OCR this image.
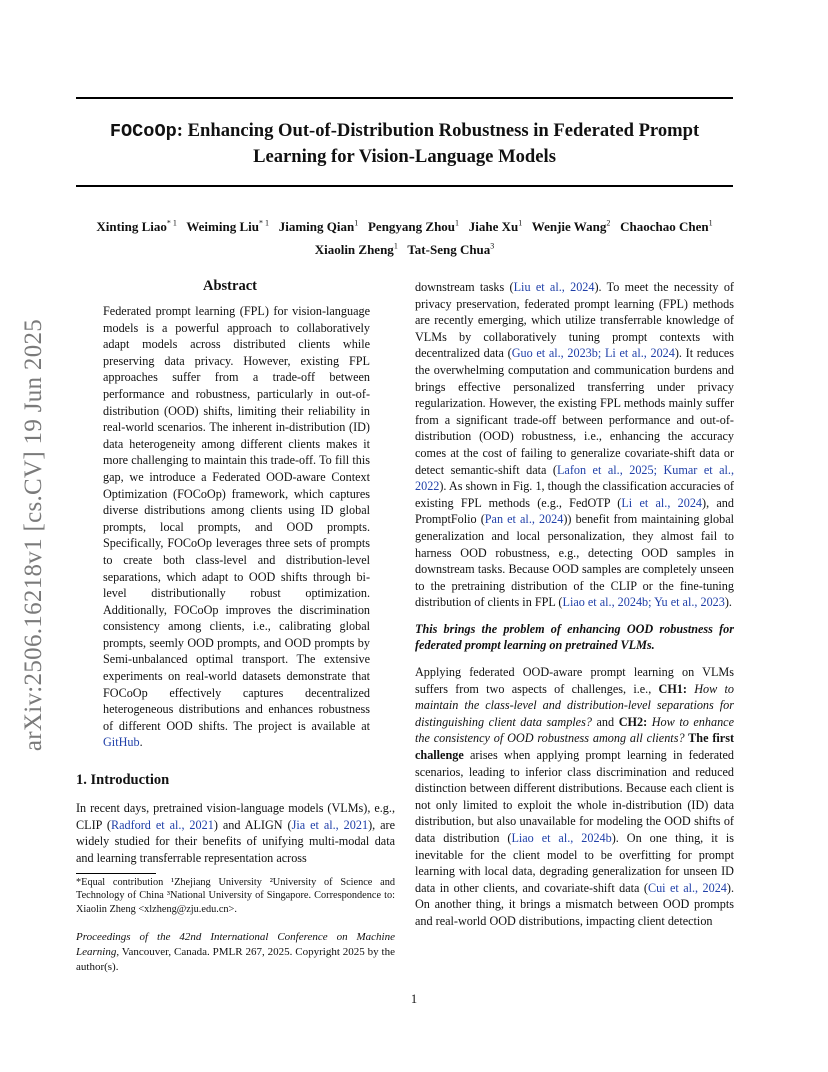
FOCoOp: Enhancing Out-of-Distribution Robustness in Federated Prompt Learning for Vision-Language Models
Xinting Liao$^{* 1}$ Weiming Liu$^{* 1}$ Jiaming Qian$^1$ Pengyang Zhou$^1$ Jiahe Xu$^1$ Wenjie Wang$^2$ Chaochao Chen$^1$
Xiaolin Zheng$^1$ Tat-Seng Chua$^3$
arXiv:2506.16218v1 [cs.CV] 19 Jun 2025
Abstract

Federated prompt learning (FPL) for vision-language models is a powerful approach to collaboratively adapt models across distributed clients while preserving data privacy. However, existing FPL approaches suffer from a trade-off between performance and robustness, particularly in out-of-distribution (OOD) shifts, limiting their reliability in real-world scenarios. The inherent in-distribution (ID) data heterogeneity among different clients makes it more challenging to maintain this trade-off. To fill this gap, we introduce a Federated OOD-aware Context Optimization (FOCoOp) framework, which captures diverse distributions among clients using ID global prompts, local prompts, and OOD prompts. Specifically, FOCoOp leverages three sets of prompts to create both class-level and distribution-level separations, which adapt to OOD shifts through bi-level distributionally robust optimization. Additionally, FOCoOp improves the discrimination consistency among clients, i.e., calibrating global prompts, seemly OOD prompts, and OOD prompts by Semi-unbalanced optimal transport. The extensive experiments on real-world datasets demonstrate that FOCoOp effectively captures decentralized heterogeneous distributions and enhances robustness of different OOD shifts. The project is available at GitHub.

1. Introduction

In recent days, pretrained vision-language models (VLMs), e.g., CLIP (Radford et al., 2021) and ALIGN (Jia et al., 2021), are widely studied for their benefits of unifying multi-modal data and learning transferrable representation across

*Equal contribution ¹Zhejiang University ²University of Science and Technology of China ³National University of Singapore. Correspondence to: Xiaolin Zheng <xlzheng@zju.edu.cn>.

Proceedings of the 42nd International Conference on Machine Learning, Vancouver, Canada. PMLR 267, 2025. Copyright 2025 by the author(s).

downstream tasks (Liu et al., 2024). To meet the necessity of privacy preservation, federated prompt learning (FPL) methods are recently emerging, which utilize transferrable knowledge of VLMs by collaboratively tuning prompt contexts with decentralized data (Guo et al., 2023b; Li et al., 2024). It reduces the overwhelming computation and communication burdens and brings effective personalized transferring under privacy regularization. However, the existing FPL methods mainly suffer from a significant trade-off between performance and out-of-distribution (OOD) robustness, i.e., enhancing the accuracy comes at the cost of failing to generalize covariate-shift data or detect semantic-shift data (Lafon et al., 2025; Kumar et al., 2022). As shown in Fig. 1, though the classification accuracies of existing FPL methods (e.g., FedOTP (Li et al., 2024), and PromptFolio (Pan et al., 2024)) benefit from maintaining global generalization and local personalization, they almost fail to harness OOD robustness, e.g., detecting OOD samples in downstream tasks. Because OOD samples are completely unseen to the pretraining distribution of the CLIP or the fine-tuning distribution of clients in FPL (Liao et al., 2024b; Yu et al., 2023).

This brings the problem of enhancing OOD robustness for federated prompt learning on pretrained VLMs.

Applying federated OOD-aware prompt learning on VLMs suffers from two aspects of challenges, i.e., CH1: How to maintain the class-level and distribution-level separations for distinguishing client data samples? and CH2: How to enhance the consistency of OOD robustness among all clients? The first challenge arises when applying prompt learning in federated scenarios, leading to inferior class discrimination and reduced distinction between different distributions. Because each client is not only limited to exploit the whole in-distribution (ID) data distribution, but also unavailable for modeling the OOD shifts of data distribution (Liao et al., 2024b). On one thing, it is inevitable for the client model to be overfitting for prompt learning with local data, degrading generalization for unseen ID data in other clients, and covariate-shift data (Cui et al., 2024). On another thing, it brings a mismatch between OOD prompts and real-world OOD distributions, impacting client detection

1
